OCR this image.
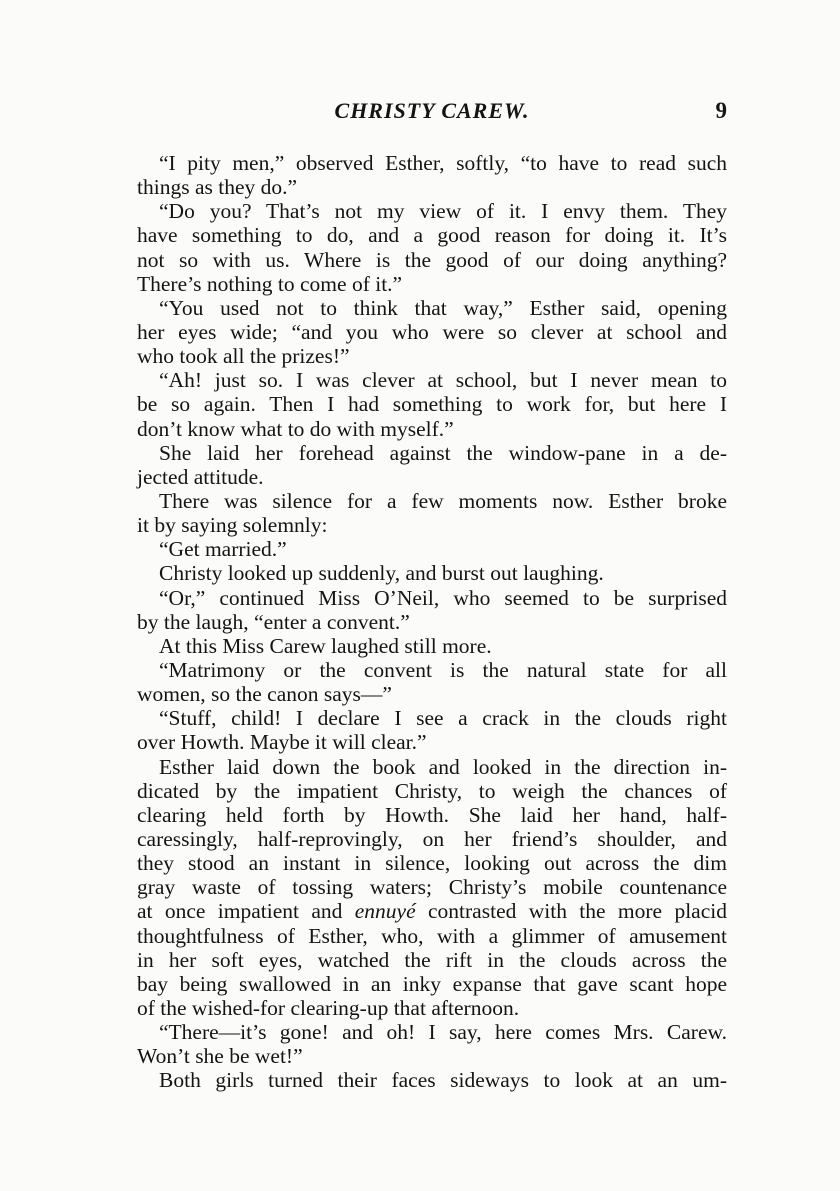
CHRISTY CAREW.	9
“I pity men,” observed Esther, softly, “to have to read such
things as they do.”
“Do you? That’s not my view of it. I envy them. They
have something to do, and a good reason for doing it. It’s
not so with us. Where is the good of our doing anything?
There’s nothing to come of it.”
“You used not to think that way,” Esther said, opening
her eyes wide; “and you who were so clever at school and
who took all the prizes!”
“Ah! just so. I was clever at school, but I never mean to
be so again. Then I had something to work for, but here I
don’t know what to do with myself.”
She laid her forehead against the window-pane in a de-
jected attitude.
There was silence for a few moments now. Esther broke
it by saying solemnly:
“Get married.”
Christy looked up suddenly, and burst out laughing.
“Or,” continued Miss O’Neil, who seemed to be surprised
by the laugh, “enter a convent.”
At this Miss Carew laughed still more.
“Matrimony or the convent is the natural state for all
women, so the canon says—”
“Stuff, child! I declare I see a crack in the clouds right
over Howth. Maybe it will clear.”
Esther laid down the book and looked in the direction in-
dicated by the impatient Christy, to weigh the chances of
clearing held forth by Howth. She laid her hand, half-
caressingly, half-reprovingly, on her friend’s shoulder, and
they stood an instant in silence, looking out across the dim
gray waste of tossing waters; Christy’s mobile countenance
at once impatient and ennuyé contrasted with the more placid
thoughtfulness of Esther, who, with a glimmer of amusement
in her soft eyes, watched the rift in the clouds across the
bay being swallowed in an inky expanse that gave scant hope
of the wished-for clearing-up that afternoon.
“There—it’s gone! and oh! I say, here comes Mrs. Carew.
Won’t she be wet!”
Both girls turned their faces sideways to look at an um-
